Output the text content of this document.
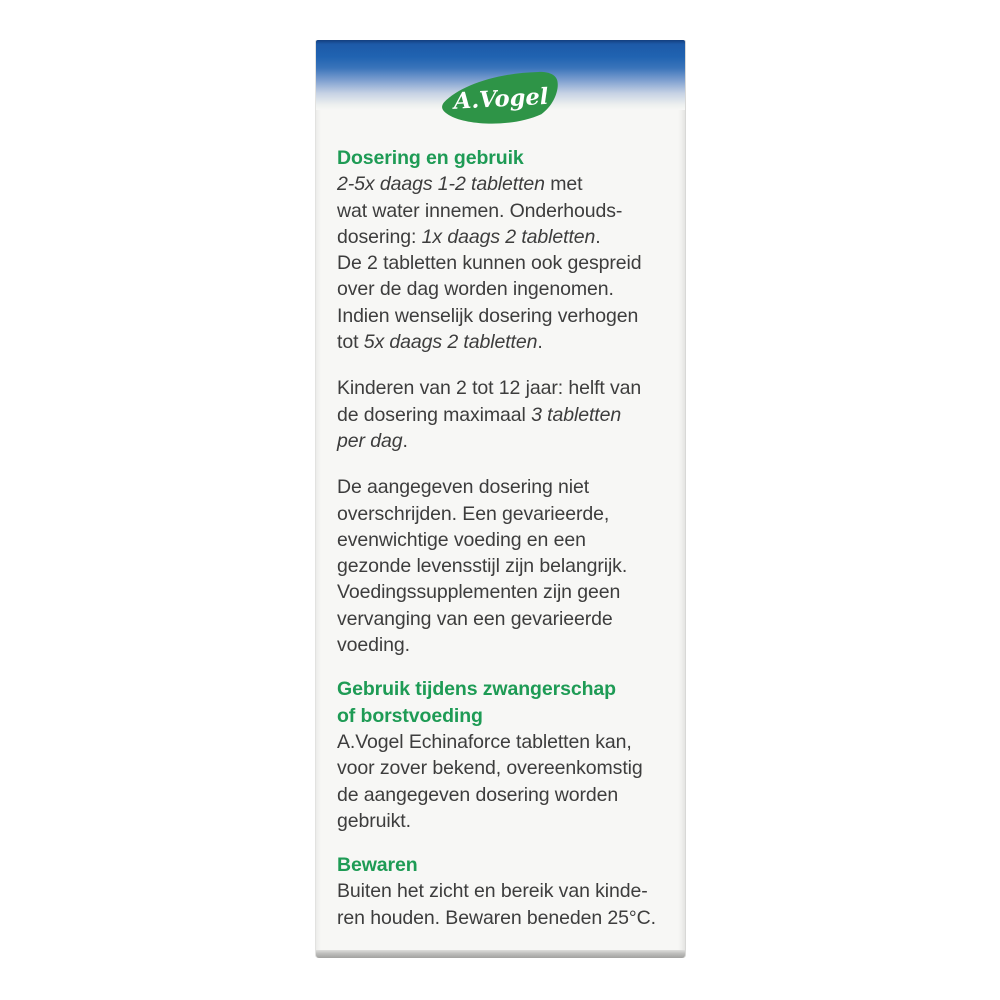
A.Vogel
Dosering en gebruik
2-5x daags 1-2 tabletten met
wat water innemen. Onderhouds-
dosering: 1x daags 2 tabletten.
De 2 tabletten kunnen ook gespreid
over de dag worden ingenomen.
Indien wenselijk dosering verhogen
tot 5x daags 2 tabletten.
Kinderen van 2 tot 12 jaar: helft van
de dosering maximaal 3 tabletten
per dag.
De aangegeven dosering niet
overschrijden. Een gevarieerde,
evenwichtige voeding en een
gezonde levensstijl zijn belangrijk.
Voedingssupplementen zijn geen
vervanging van een gevarieerde
voeding.
Gebruik tijdens zwangerschap
of borstvoeding
A.Vogel Echinaforce tabletten kan,
voor zover bekend, overeenkomstig
de aangegeven dosering worden
gebruikt.
Bewaren
Buiten het zicht en bereik van kinde-
ren houden. Bewaren beneden 25°C.
